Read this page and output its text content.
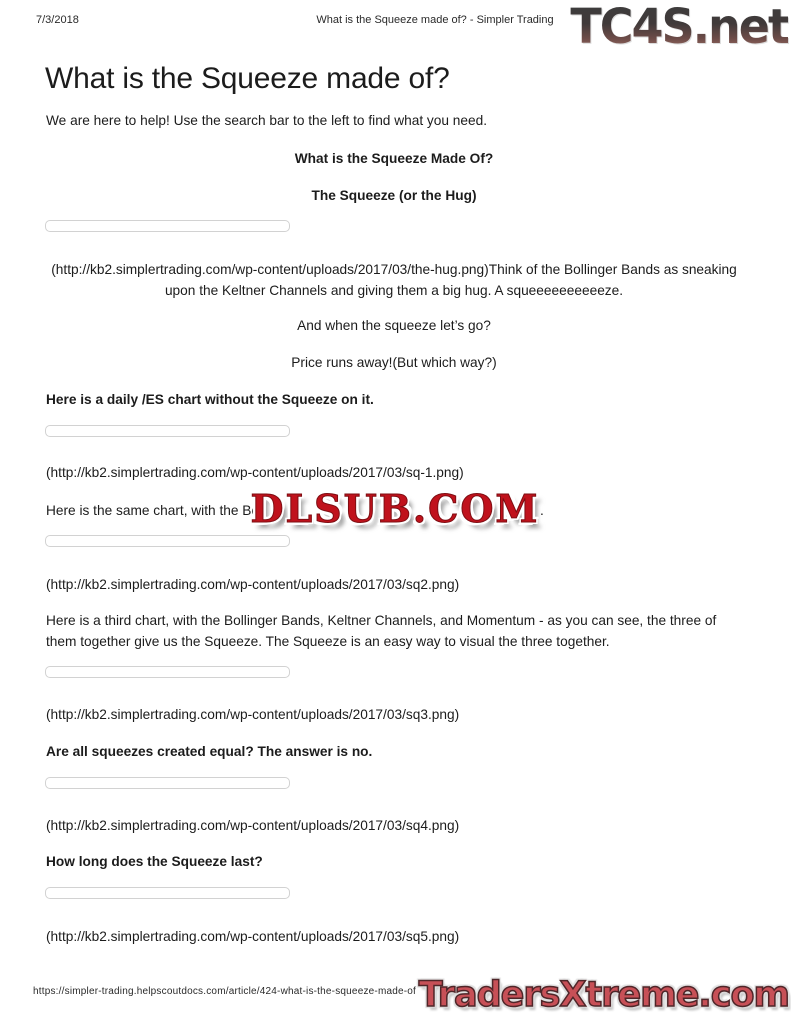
7/3/2018	What is the Squeeze made of? - Simpler Trading TC4S.net
What is the Squeeze made of?
We are here to help! Use the search bar to the left to find what you need.
What is the Squeeze Made Of?
The Squeeze (or the Hug)
(http://kb2.simplertrading.com/wp-content/uploads/2017/03/the-hug.png)Think of the Bollinger Bands as sneaking upon the Keltner Channels and giving them a big hug. A squeeeeeeeeeeze.
And when the squeeze let’s go?
Price runs away!(But which way?)
Here is a daily /ES chart without the Squeeze on it.
(http://kb2.simplertrading.com/wp-content/uploads/2017/03/sq-1.png)
Here is the same chart, with the Bo	.
DLSUB.COM
(http://kb2.simplertrading.com/wp-content/uploads/2017/03/sq2.png)
Here is a third chart, with the Bollinger Bands, Keltner Channels, and Momentum - as you can see, the three of them together give us the Squeeze. The Squeeze is an easy way to visual the three together.
(http://kb2.simplertrading.com/wp-content/uploads/2017/03/sq3.png)
Are all squeezes created equal? The answer is no.
(http://kb2.simplertrading.com/wp-content/uploads/2017/03/sq4.png)
How long does the Squeeze last?
(http://kb2.simplertrading.com/wp-content/uploads/2017/03/sq5.png)
https://simpler-trading.helpscoutdocs.com/article/424-what-is-the-squeeze-made-of TradersXtreme.com
